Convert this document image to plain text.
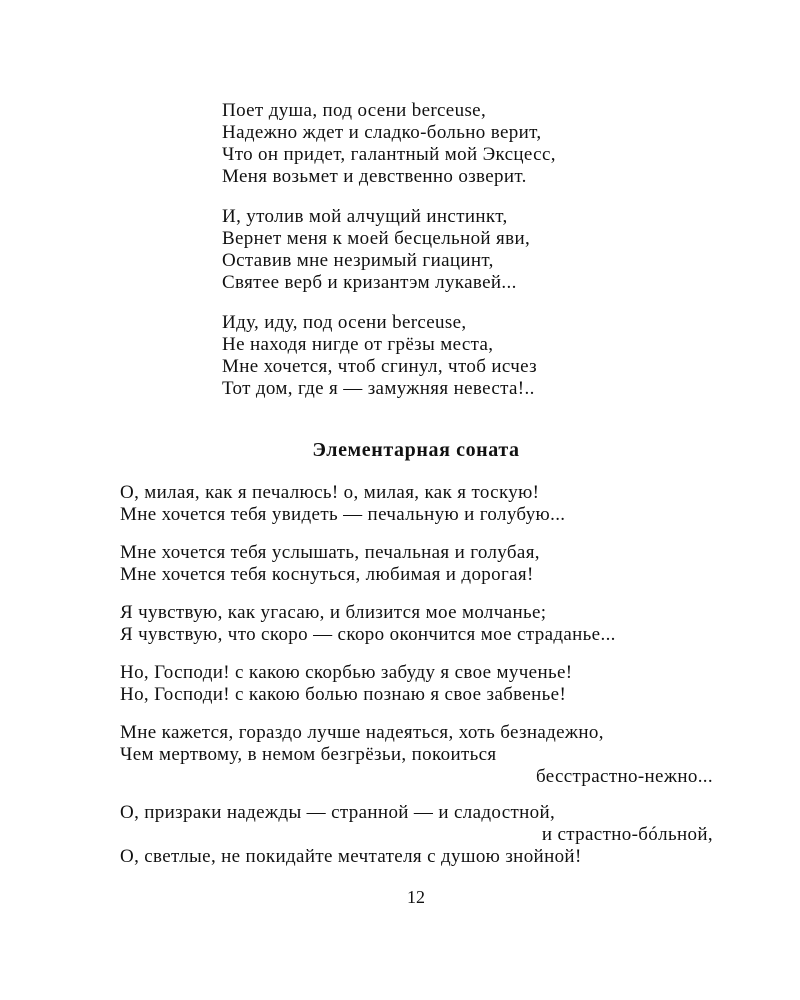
Поет душа, под осени berceuse,

Надежно ждет и сладко-больно верит,

Что он придет, галантный мой Эксцесс,

Меня возьмет и девственно озверит.

И, утолив мой алчущий инстинкт,

Вернет меня к моей бесцельной яви,

Оставив мне незримый гиацинт,

Святее верб и кризантэм лукавей...

Иду, иду, под осени berceuse,

Не находя нигде от грёзы места,

Мне хочется, чтоб сгинул, чтоб исчез

Тот дом, где я — замужняя невеста!..

Элементарная соната

О, милая, как я печалюсь! о, милая, как я тоскую!

Мне хочется тебя увидеть — печальную и голубую...

Мне хочется тебя услышать, печальная и голубая,

Мне хочется тебя коснуться, любимая и дорогая!

Я чувствую, как угасаю, и близится мое молчанье;

Я чувствую, что скоро — скоро окончится мое страданье...

Но, Господи! с какою скорбью забуду я свое мученье!

Но, Господи! с какою болью познаю я свое забвенье!

Мне кажется, гораздо лучше надеяться, хоть безнадежно,

Чем мертвому, в немом безгрёзьи, покоиться

бесстрастно-нежно...

О, призраки надежды — странной — и сладостной,

и страстно-бóльной,

О, светлые, не покидайте мечтателя с душою знойной!

12
